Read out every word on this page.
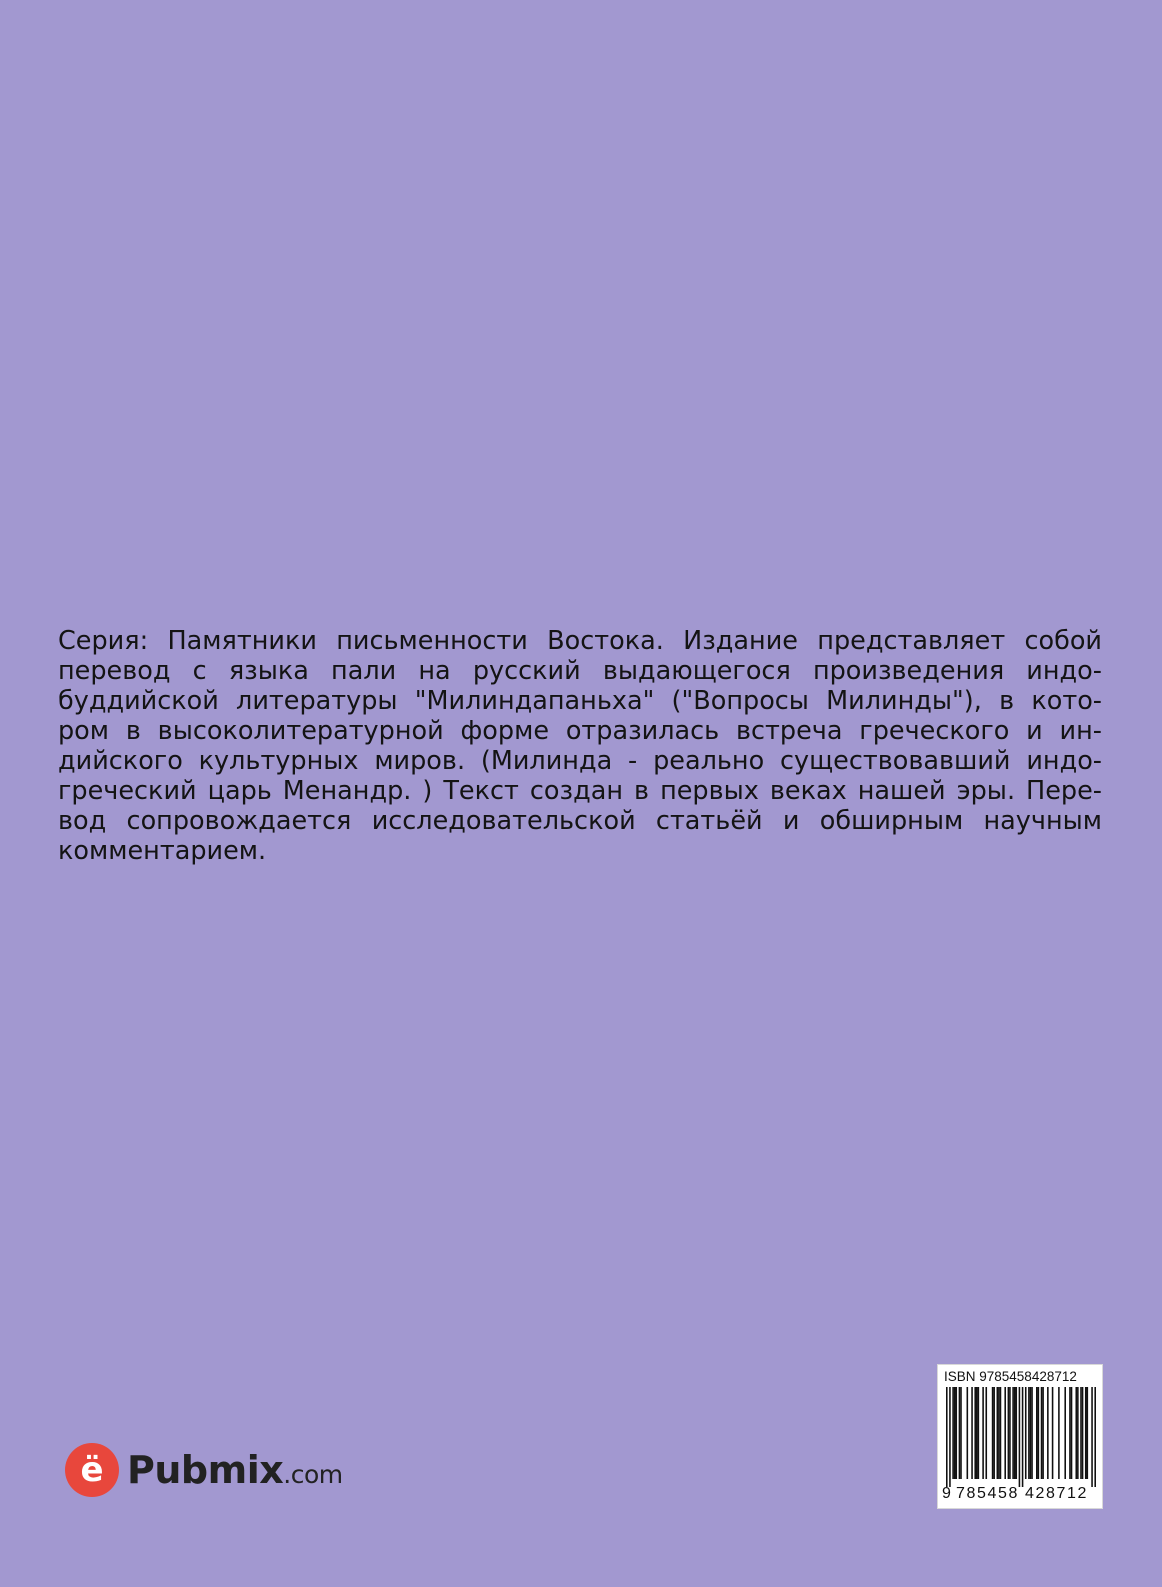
Серия: Памятники письменности Востока. Издание представляет собой
перевод с языка пали на русский выдающегося произведения индо-
буддийской литературы "Милиндапаньха" ("Вопросы Милинды"), в кото-
ром в высоколитературной форме отразилась встреча греческого и ин-
дийского культурных миров. (Милинда - реально существовавший индо-
греческий царь Менандр. ) Текст создан в первых веках нашей эры. Пере-
вод сопровождается исследовательской статьёй и обширным научным
комментарием.
ё Pubmix.com
ISBN 9785458428712
9 785458 428712
